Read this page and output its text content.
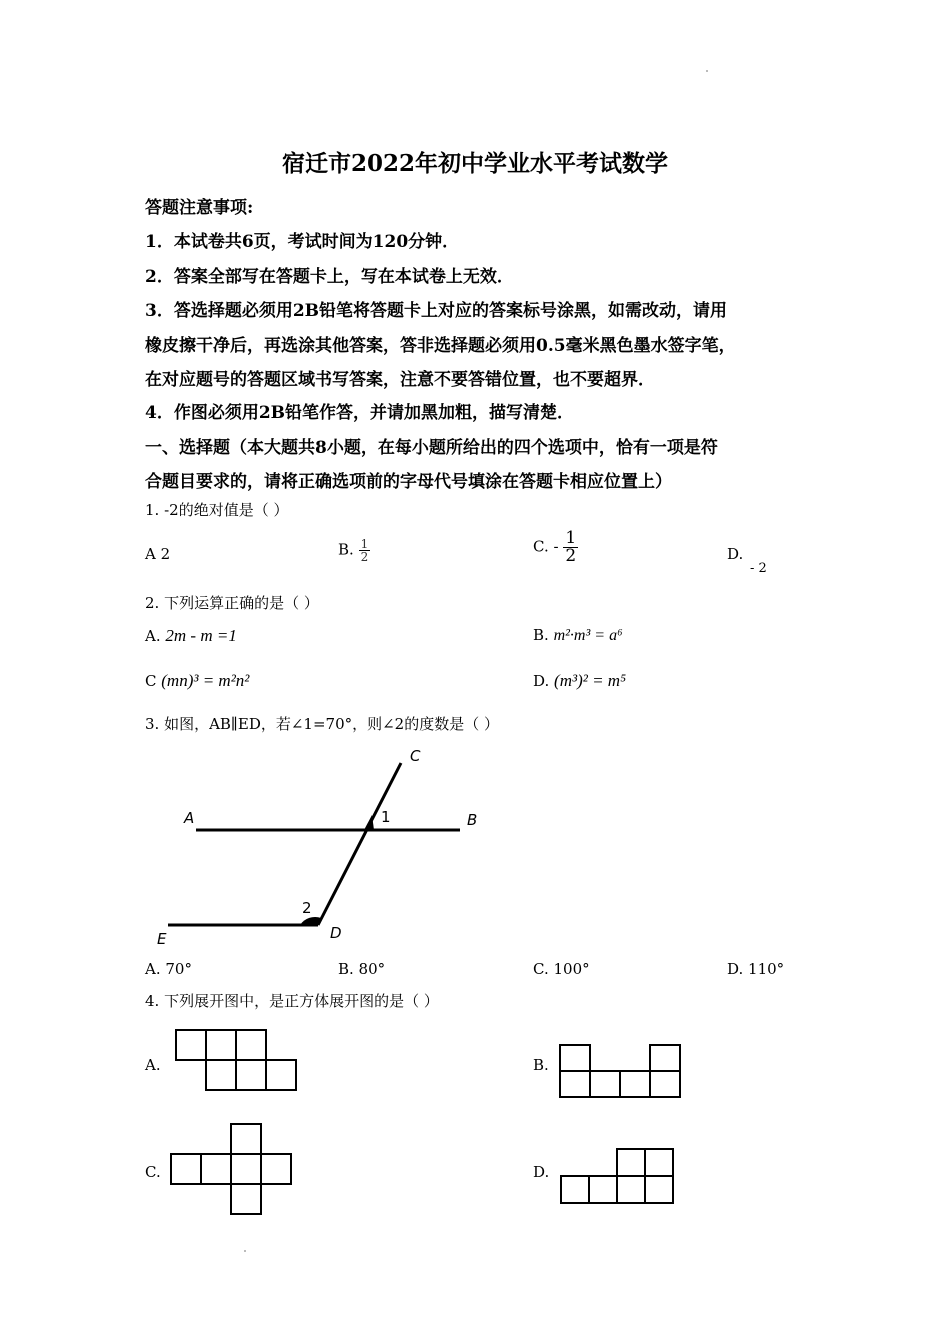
宿迁市2022年初中学业水平考试数学
答题注意事项:
1．本试卷共6页，考试时间为120分钟．
2．答案全部写在答题卡上，写在本试卷上无效．
3．答选择题必须用2B铅笔将答题卡上对应的答案标号涂黑，如需改动，请用
橡皮擦干净后，再选涂其他答案，答非选择题必须用0.5毫米黑色墨水签字笔，
在对应题号的答题区域书写答案，注意不要答错位置，也不要超界．
4．作图必须用2B铅笔作答，并请加黑加粗，描写清楚．
一、选择题（本大题共8小题，在每小题所给出的四个选项中，恰有一项是符
合题目要求的，请将正确选项前的字母代号填涂在答题卡相应位置上）
1. -2的绝对值是（ ）
A 2	B. $\frac{1}{2}$	C. - $\frac{1}{2}$	D.
- 2
2. 下列运算正确的是（ ）
A. 2m - m =1	B. m²·m³ = a⁶
C (mn)³ = m²n²	D. (m³)² = m⁵
3. 如图，AB∥ED，若∠1=70°，则∠2的度数是（ ）
A	B
C
D
E
1
2
A. 70°	B. 80°	C. 100°	D. 110°
4. 下列展开图中，是正方体展开图的是（ ）
A.	B.
C.	D.
